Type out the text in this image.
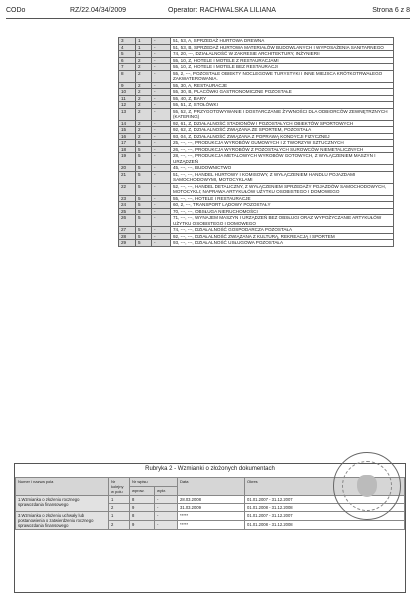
CODo	RZ/22.04/34/2009	Operator: RACHWALSKA LILIANA	Strona 6 z 8
3	1	-	51, 53, A, SPRZEDAŻ HURTOWA DREWNA
4	1	-	51, 53, B, SPRZEDAŻ HURTOWA MATERIAŁÓW BUDOWLANYCH I WYPOSAŻENIA SANITARNEGO
5	1	-	74, 20, ---, DZIAŁALNOŚĆ W ZAKRESIE ARCHITEKTURY, INŻYNIERII
6	2	-	55, 10, Z, HOTELE I MOTELE Z RESTAURACJAMI
7	2	-	55, 10, Z, HOTELE I MOTELE BEZ RESTAURACJI
8	2	-	55, 2, ---, POZOSTAŁE OBIEKTY NOCLEGOWE TURYSTYKI I INNE MIEJSCA KRÓTKOTRWAŁEGO ZAKWATEROWANIA.
9	2	-	55, 30, A, RESTAURACJE
10	2	-	55, 30, B, PLACÓWKI GASTRONOMICZNE POZOSTAŁE
11	2	-	55, 40, Z, BARY
12	2	-	55, 51, Z, STOŁÓWKI
13	2	-	55, 52, Z, PRZYGOTOWYWANIE I DOSTARCZANIE ŻYWNOŚCI DLA ODBIORCÓW ZEWNĘTRZNYCH (KATERING)
14	2	-	92, 61, Z, DZIAŁALNOŚĆ STADIONÓW I POZOSTAŁYCH OBIEKTÓW SPORTOWYCH
15	2	-	92, 62, Z, DZIAŁALNOŚĆ ZWIĄZANA ZE SPORTEM, POZOSTAŁA
16	2	-	93, 04, Z, DZIAŁALNOŚĆ ZWIĄZANA Z POPRAWĄ KONDYCJI FIZYCZNEJ
17	5	-	25, ---, ---, PRODUKCJA WYROBÓW GUMOWYCH I Z TWORZYW SZTUCZNYCH
18	5	-	26, ---, ---, PRODUKCJA WYROBÓW Z POZOSTAŁYCH SUROWCÓW NIEMETALICZNYCH
19	5	-	28, ---, ---, PRODUKCJA METALOWYCH WYROBÓW GOTOWYCH, Z WYŁĄCZENIEM MASZYN I URZĄDZEŃ
20	5	-	45, ---, ---, BUDOWNICTWO
21	5	-	51, ---, ---, HANDEL HURTOWY I KOMISOWY, Z WYŁĄCZENIEM HANDLU POJAZDAMI SAMOCHODOWYMI, MOTOCYKLAMI
22	5	-	52, ---, ---, HANDEL DETALICZNY, Z WYŁĄCZENIEM SPRZEDAŻY POJAZDÓW SAMOCHODOWYCH, MOTOCYKLI; NAPRAWA ARTYKUŁÓW UŻYTKU OSOBISTEGO I DOMOWEGO
23	5	-	55, ---, ---, HOTELE I RESTAURACJE
24	5	-	60, 2, ---, TRANSPORT LĄDOWY POZOSTAŁY
25	5	-	70, ---, ---, OBSŁUGA NIERUCHOMOŚCI
26	5	-	71, ---, ---, WYNAJEM MASZYN I URZĄDZEŃ BEZ OBSŁUGI ORAZ WYPOŻYCZANIE ARTYKUŁÓW UŻYTKU OSOBISTEGO I DOMOWEGO
27	5	-	74, ---, ---, DZIAŁALNOŚĆ GOSPODARCZA POZOSTAŁA
28	5	-	92, ---, ---, DZIAŁALNOŚĆ ZWIĄZANA Z KULTURĄ, REKREACJĄ I SPORTEM
29	5	-	93, ---, ---, DZIAŁALNOŚĆ USŁUGOWA POZOSTAŁA
Rubryka 2 - Wzmianki o złożonych dokumentach
Numer i nazwa pola	Nr kolejny w polu	Nr wpisu		Data	Okres
		wprow.	wykr.		
1.Wzmianka o złożeniu rocznego sprawozdania finansowego	1	8	-	28.03.2008	01.01.2007 - 31.12.2007
	2	9	-	31.03.2009	01.01.2008 - 31.12.2008
3.Wzmianka o złożeniu uchwały lub postanowienia o zatwierdzeniu rocznego sprawozdania finansowego	1	8	-	*****	01.01.2007 - 31.12.2007
	2	9	-	*****	01.01.2008 - 31.12.2008
